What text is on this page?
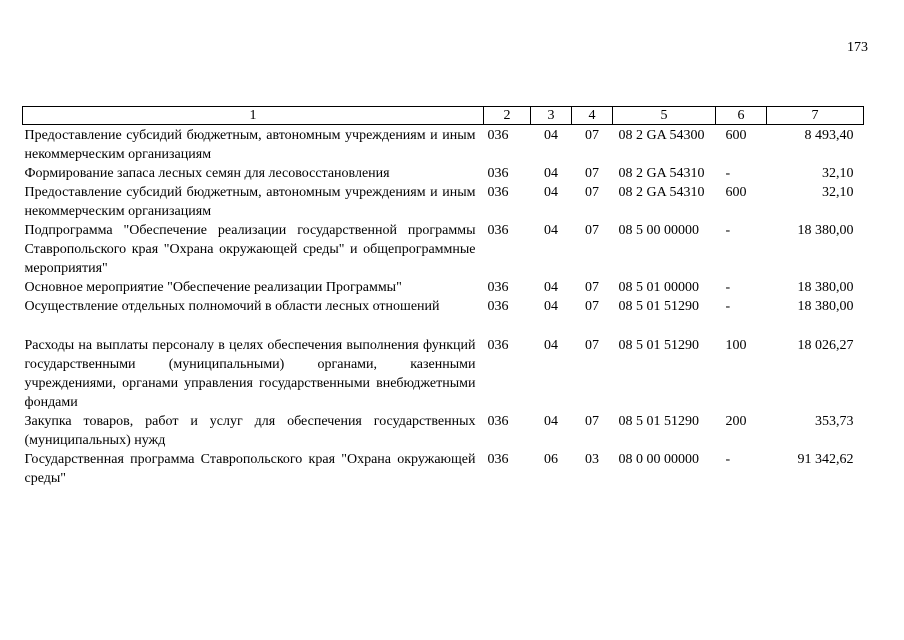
173
1	2	3	4	5	6	7
Предоставление субсидий бюджетным, автономным учреждениям и иным некоммерческим организациям	036	04	07	08 2 GA 54300	600	8 493,40
Формирование запаса лесных семян для лесовосстановления	036	04	07	08 2 GA 54310	-	32,10
Предоставление субсидий бюджетным, автономным учреждениям и иным некоммерческим организациям	036	04	07	08 2 GA 54310	600	32,10
Подпрограмма "Обеспечение реализации государственной программы Ставропольского края "Охрана окружающей среды" и общепрограммные мероприятия"	036	04	07	08 5 00 00000	-	18 380,00
Основное мероприятие "Обеспечение реализации Программы"	036	04	07	08 5 01 00000	-	18 380,00
Осуществление отдельных полномочий в области лесных отношений	036	04	07	08 5 01 51290	-	18 380,00
Расходы на выплаты персоналу в целях обеспечения выполнения функций государственными (муниципальными) органами, казенными учреждениями, органами управления государственными внебюджетными фондами	036	04	07	08 5 01 51290	100	18 026,27
Закупка товаров, работ и услуг для обеспечения государственных (муниципальных) нужд	036	04	07	08 5 01 51290	200	353,73
Государственная программа Ставропольского края "Охрана окружающей среды"	036	06	03	08 0 00 00000	-	91 342,62
